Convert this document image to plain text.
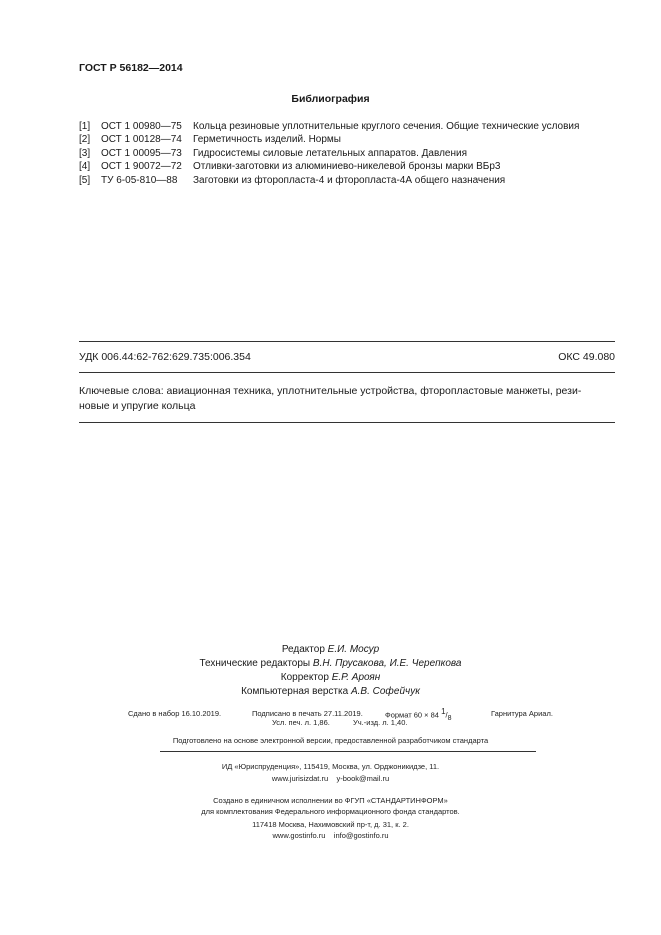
ГОСТ Р 56182—2014
Библиография
[1] ОСТ 1 00980—75 Кольца резиновые уплотнительные круглого сечения. Общие технические условия
[2] ОСТ 1 00128—74 Герметичность изделий. Нормы
[3] ОСТ 1 00095—73 Гидросистемы силовые летательных аппаратов. Давления
[4] ОСТ 1 90072—72 Отливки-заготовки из алюминиево-никелевой бронзы марки ВБр3
[5] ТУ 6-05-810—88 Заготовки из фторопласта-4 и фторопласта-4А общего назначения
УДК 006.44:62-762:629.735:006.354	ОКС 49.080
Ключевые слова: авиационная техника, уплотнительные устройства, фторопластовые манжеты, рези-
новые и упругие кольца
Редактор Е.И. Мосур
Технические редакторы В.Н. Прусакова, И.Е. Черепкова
Корректор Е.Р. Ароян
Компьютерная верстка А.В. Софейчук
Сдано в набор 16.10.2019.	Подписано в печать 27.11.2019.	Формат 60 × 84 $^1/_8$
Гарнитура Ариал.
Усл. печ. л. 1,86.	Уч.-изд. л. 1,40.
Подготовлено на основе электронной версии, предоставленной разработчиком стандарта
ИД «Юриспруденция», 115419, Москва, ул. Орджоникидзе, 11.
www.jurisizdat.ru y-book@mail.ru
Создано в единичном исполнении во ФГУП «СТАНДАРТИНФОРМ»
для комплектования Федерального информационного фонда стандартов.
117418 Москва, Нахимовский пр-т, д. 31, к. 2.
www.gostinfo.ru info@gostinfo.ru
